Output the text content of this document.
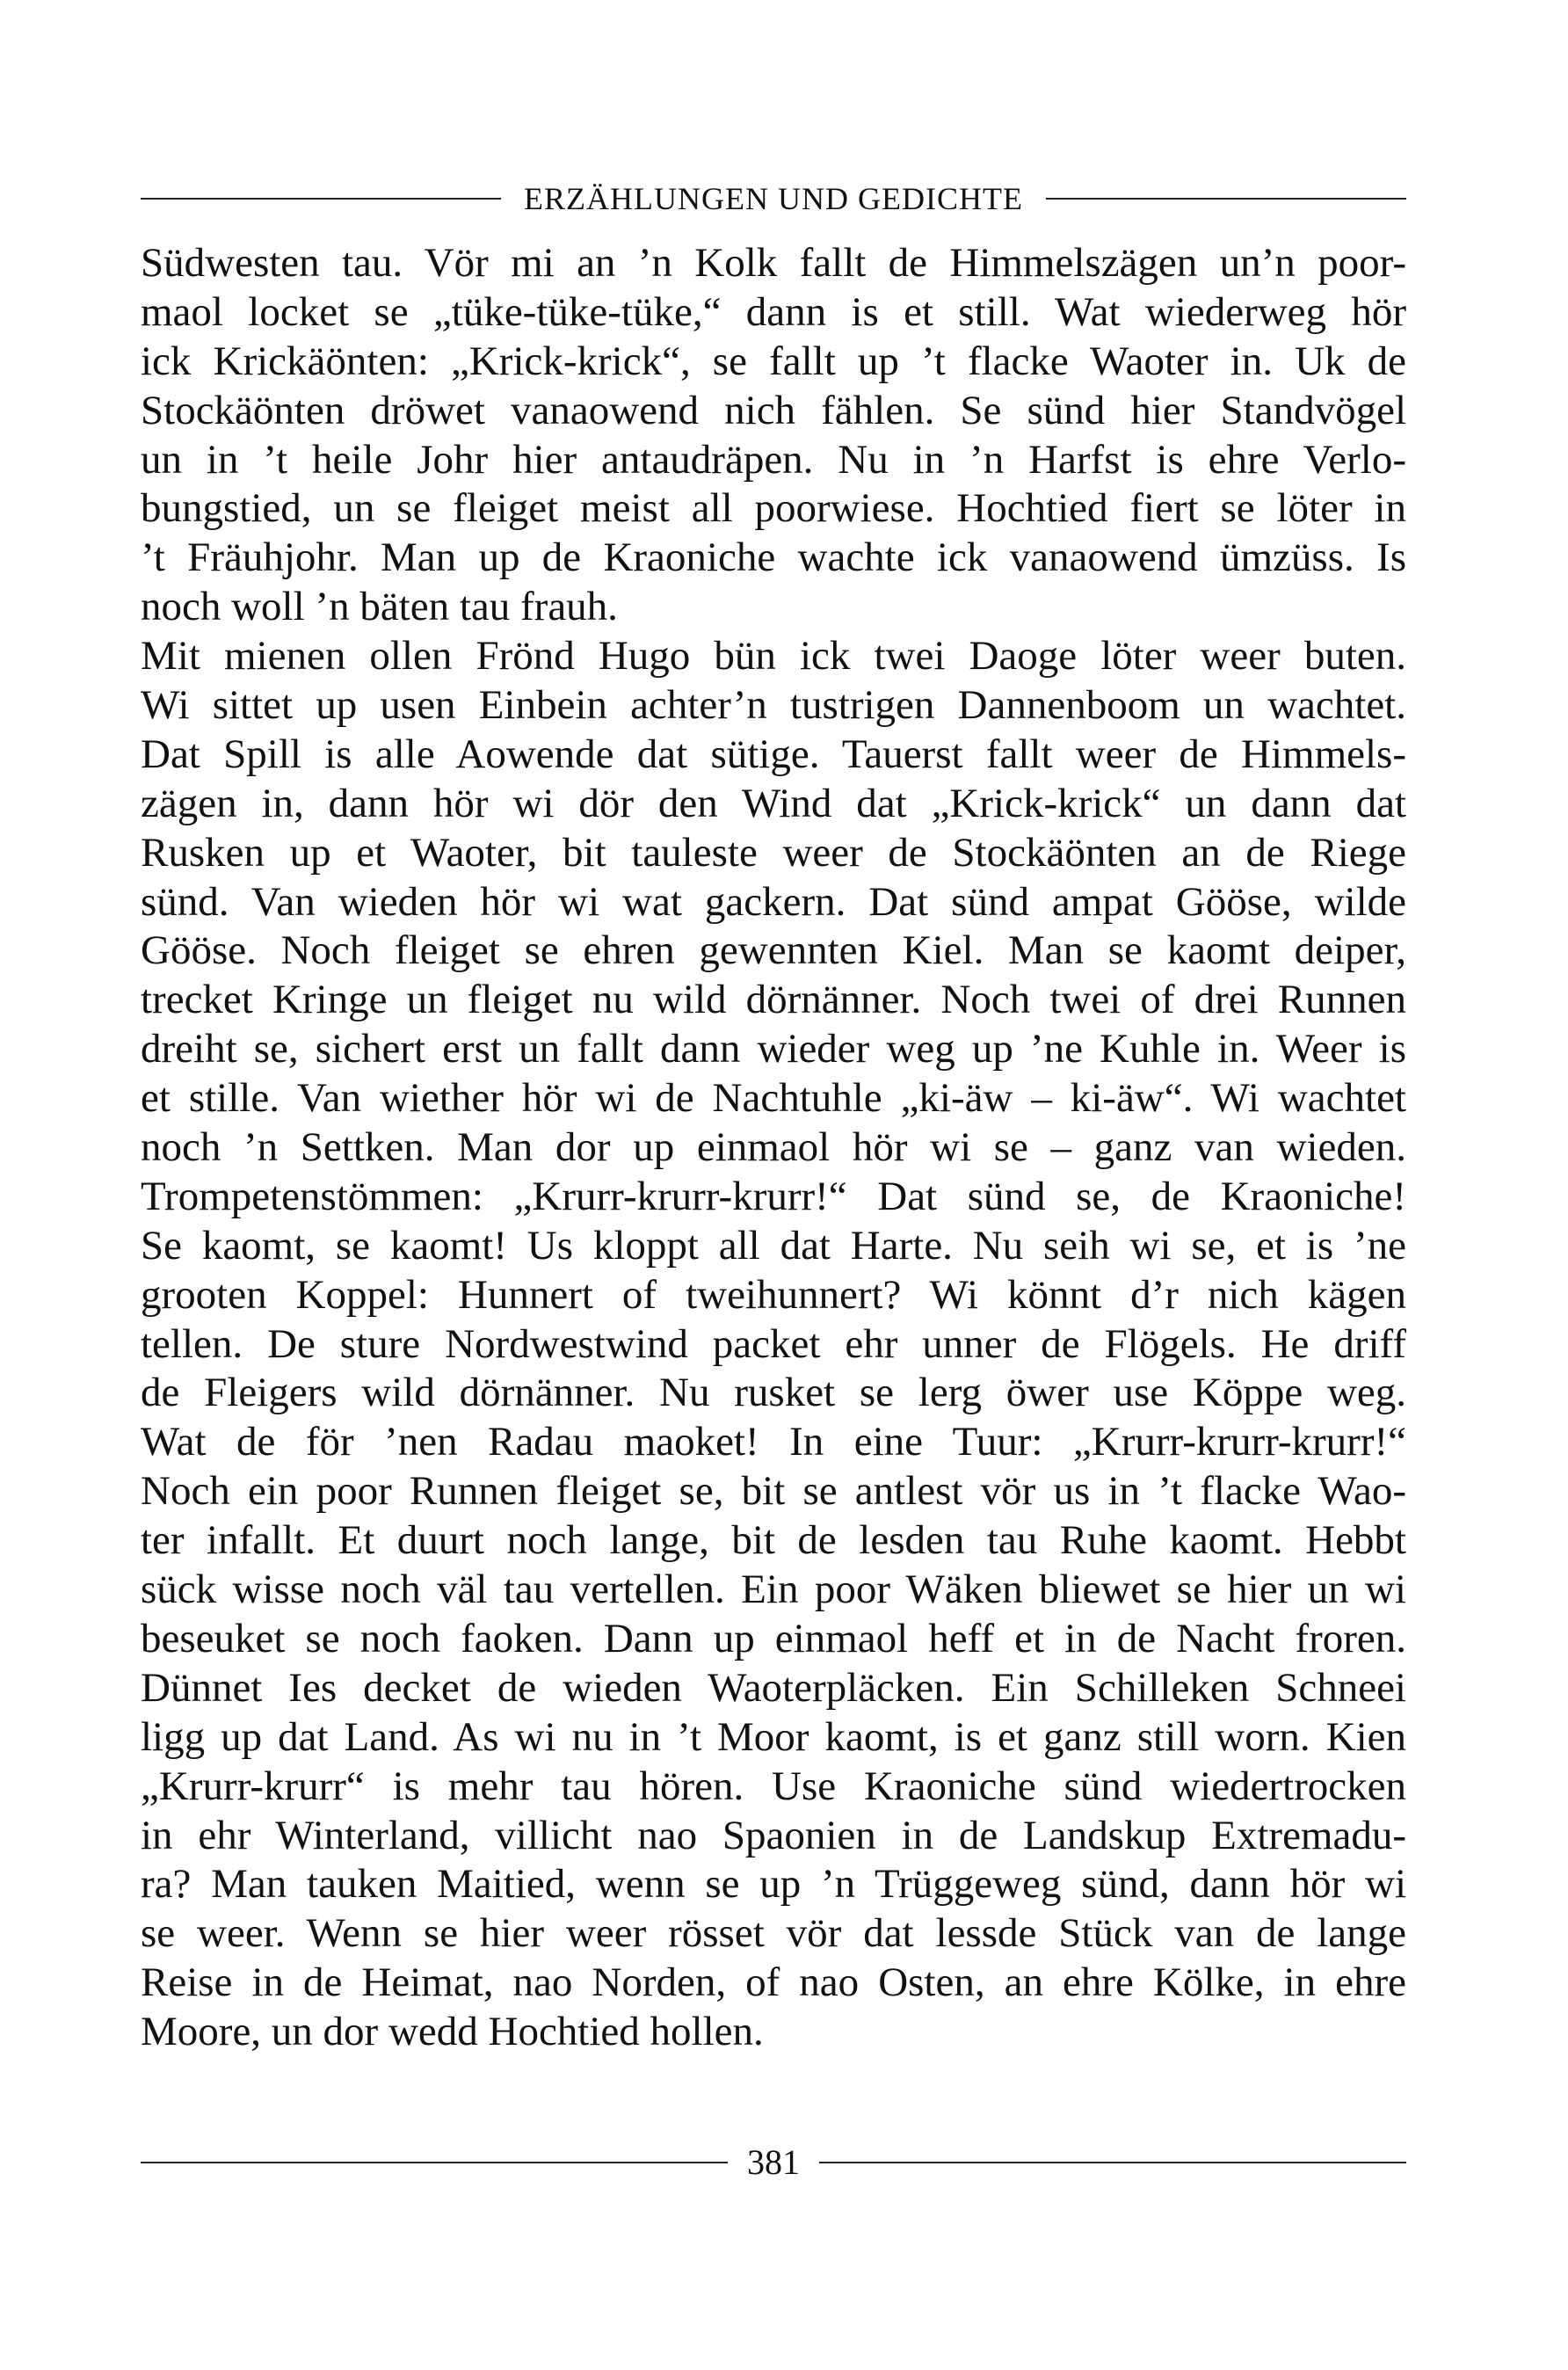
ERZÄHLUNGEN UND GEDICHTE
Südwesten tau. Vör mi an ’n Kolk fallt de Himmelszägen un’n poor-
maol locket se „tüke-tüke-tüke,“ dann is et still. Wat wiederweg hör
ick Krickäönten: „Krick-krick“, se fallt up ’t flacke Waoter in. Uk de
Stockäönten dröwet vanaowend nich fählen. Se sünd hier Standvögel
un in ’t heile Johr hier antaudräpen. Nu in ’n Harfst is ehre Verlo-
bungstied, un se fleiget meist all poorwiese. Hochtied fiert se löter in
’t Fräuhjohr. Man up de Kraoniche wachte ick vanaowend ümzüss. Is
noch woll ’n bäten tau frauh.
Mit mienen ollen Frönd Hugo bün ick twei Daoge löter weer buten.
Wi sittet up usen Einbein achter’n tustrigen Dannenboom un wachtet.
Dat Spill is alle Aowende dat sütige. Tauerst fallt weer de Himmels-
zägen in, dann hör wi dör den Wind dat „Krick-krick“ un dann dat
Rusken up et Waoter, bit tauleste weer de Stockäönten an de Riege
sünd. Van wieden hör wi wat gackern. Dat sünd ampat Gööse, wilde
Gööse. Noch fleiget se ehren gewennten Kiel. Man se kaomt deiper,
trecket Kringe un fleiget nu wild dörnänner. Noch twei of drei Runnen
dreiht se, sichert erst un fallt dann wieder weg up ’ne Kuhle in. Weer is
et stille. Van wiether hör wi de Nachtuhle „ki-äw – ki-äw“. Wi wachtet
noch ’n Settken. Man dor up einmaol hör wi se – ganz van wieden.
Trompetenstömmen: „Krurr-krurr-krurr!“ Dat sünd se, de Kraoniche!
Se kaomt, se kaomt! Us kloppt all dat Harte. Nu seih wi se, et is ’ne
grooten Koppel: Hunnert of tweihunnert? Wi könnt d’r nich kägen
tellen. De sture Nordwestwind packet ehr unner de Flögels. He driff
de Fleigers wild dörnänner. Nu rusket se lerg öwer use Köppe weg.
Wat de för ’nen Radau maoket! In eine Tuur: „Krurr-krurr-krurr!“
Noch ein poor Runnen fleiget se, bit se antlest vör us in ’t flacke Wao-
ter infallt. Et duurt noch lange, bit de lesden tau Ruhe kaomt. Hebbt
sück wisse noch väl tau vertellen. Ein poor Wäken bliewet se hier un wi
beseuket se noch faoken. Dann up einmaol heff et in de Nacht froren.
Dünnet Ies decket de wieden Waoterpläcken. Ein Schilleken Schneei
ligg up dat Land. As wi nu in ’t Moor kaomt, is et ganz still worn. Kien
„Krurr-krurr“ is mehr tau hören. Use Kraoniche sünd wiedertrocken
in ehr Winterland, villicht nao Spaonien in de Landskup Extremadu-
ra? Man tauken Maitied, wenn se up ’n Trüggeweg sünd, dann hör wi
se weer. Wenn se hier weer rösset vör dat lessde Stück van de lange
Reise in de Heimat, nao Norden, of nao Osten, an ehre Kölke, in ehre
Moore, un dor wedd Hochtied hollen.
381
